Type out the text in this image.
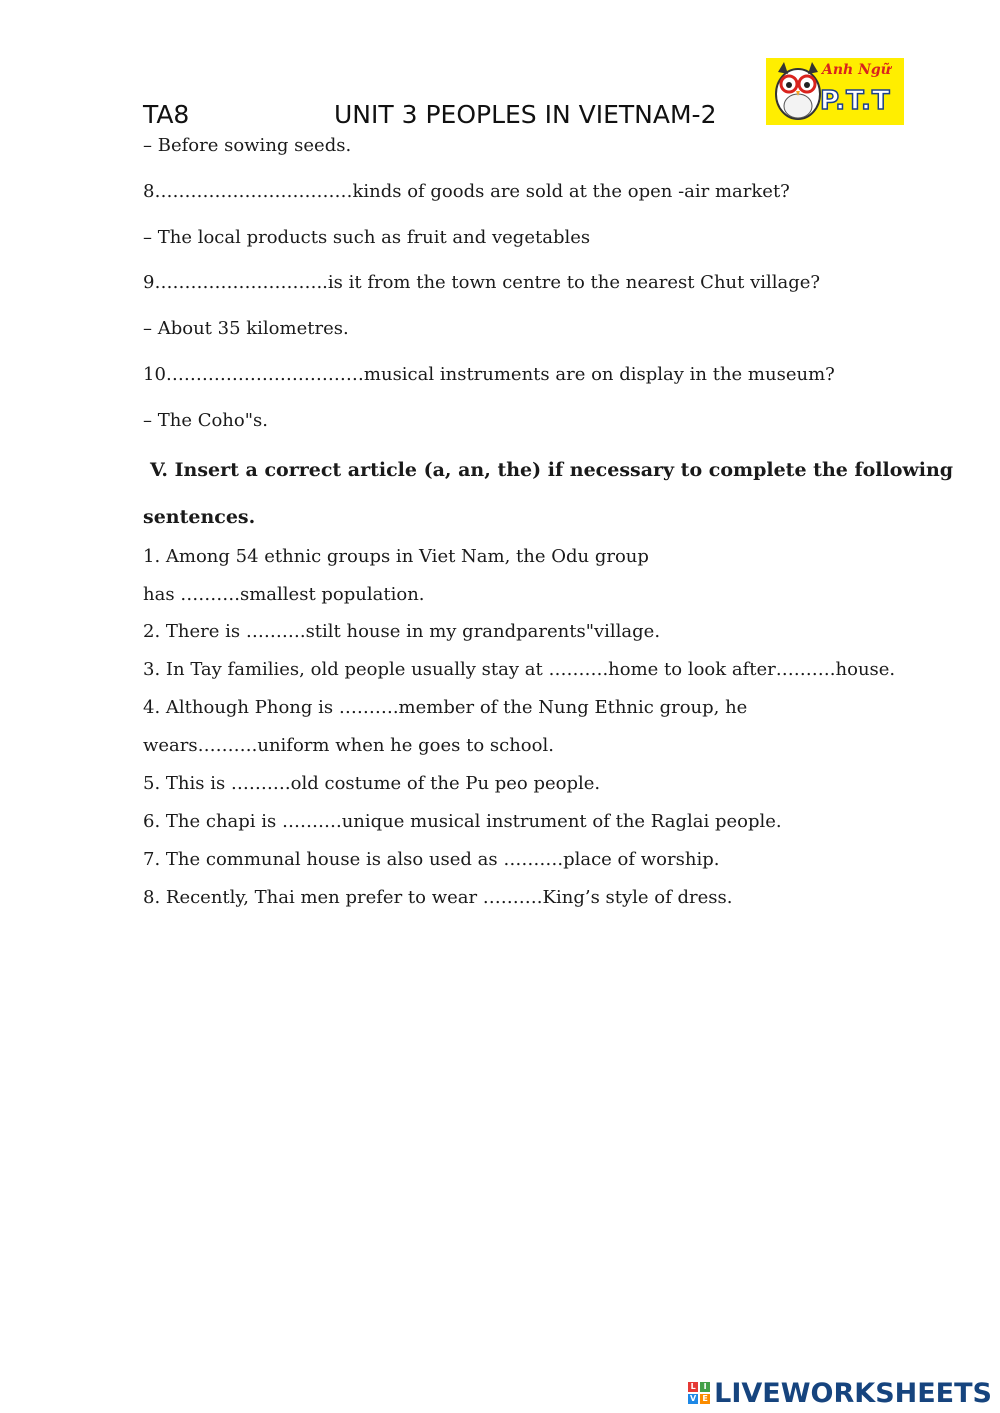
TA8	UNIT 3 PEOPLES IN VIETNAM-2
Anh Ngữ
P.T.T
– Before sowing seeds.
8……………………………kinds of goods are sold at the open -air market?
– The local products such as fruit and vegetables
9………………………..is it from the town centre to the nearest Chut village?
– About 35 kilometres.
10……………………………musical instruments are on display in the museum?
– The Coho"s.
V. Insert a correct article (a, an, the) if necessary to complete the following
sentences.
1. Among 54 ethnic groups in Viet Nam, the Odu group
has ……….smallest population.
2. There is ……….stilt house in my grandparents"village.
3. In Tay families, old people usually stay at ……….home to look after……….house.
4. Although Phong is ……….member of the Nung Ethnic group, he
wears……….uniform when he goes to school.
5. This is ……….old costume of the Pu peo people.
6. The chapi is ……….unique musical instrument of the Raglai people.
7. The communal house is also used as ……….place of worship.
8. Recently, Thai men prefer to wear ……….King’s style of dress.
L I
V E LIVEWORKSHEETS
